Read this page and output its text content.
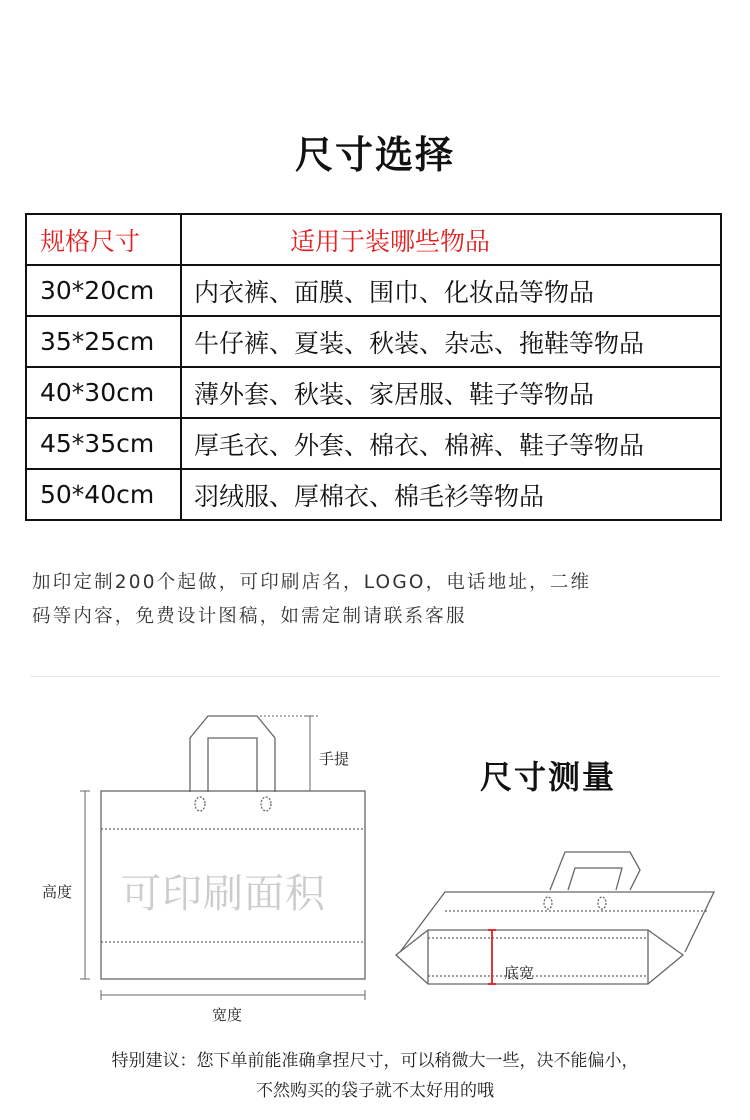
尺寸选择
规格尺寸	适用于装哪些物品
30*20cm	内衣裤、面膜、围巾、化妆品等物品
35*25cm	牛仔裤、夏装、秋装、杂志、拖鞋等物品
40*30cm	薄外套、秋装、家居服、鞋子等物品
45*35cm	厚毛衣、外套、棉衣、棉裤、鞋子等物品
50*40cm	羽绒服、厚棉衣、棉毛衫等物品
加印定制200个起做，可印刷店名，LOGO，电话地址，二维
码等内容，免费设计图稿，如需定制请联系客服
手提
高度
宽度
可印刷面积
尺寸测量
底宽
特别建议：您下单前能准确拿捏尺寸，可以稍微大一些，决不能偏小，
不然购买的袋子就不太好用的哦
